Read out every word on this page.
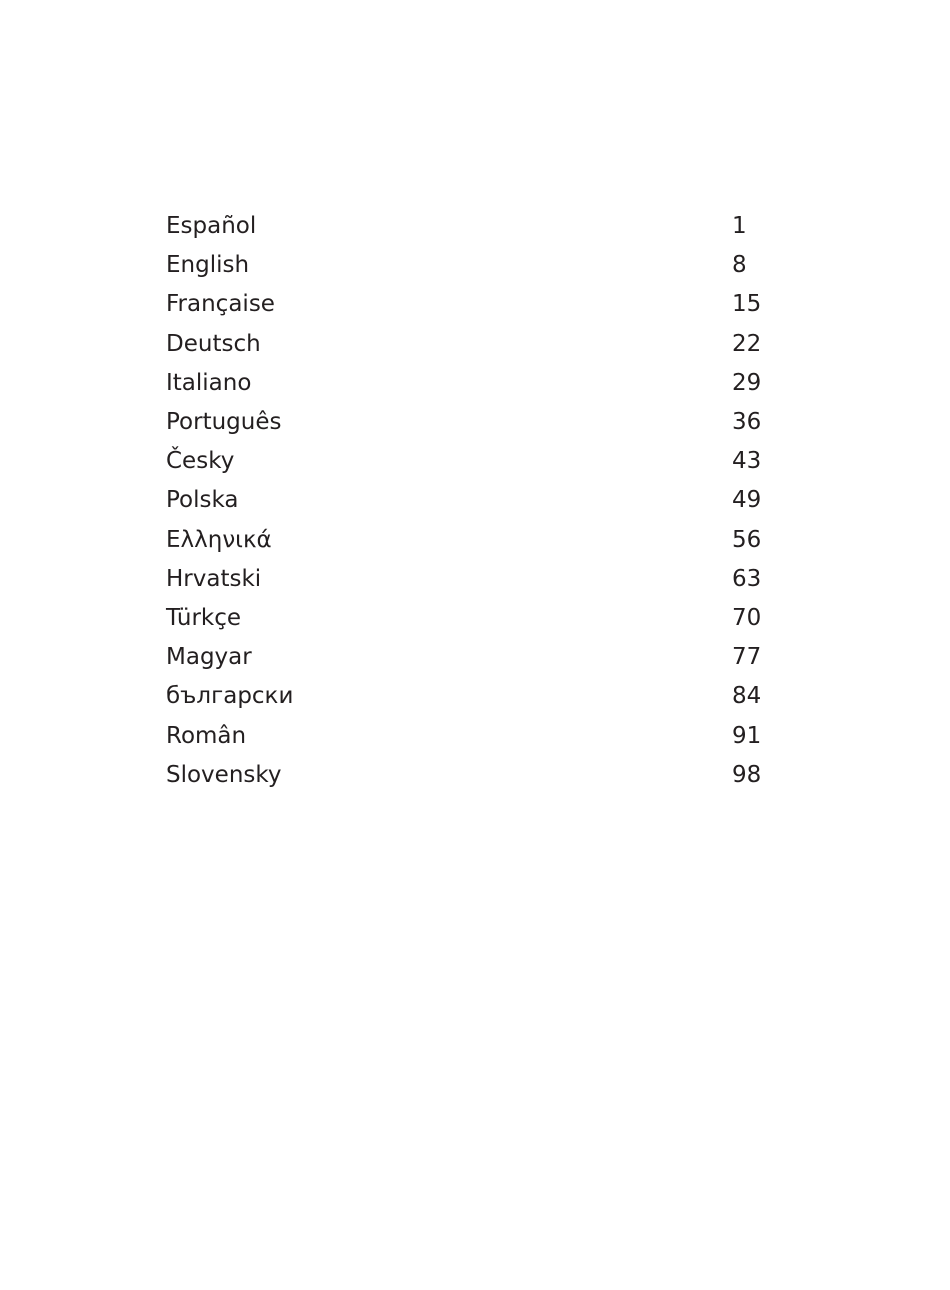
Español	1
English	8
Française	15
Deutsch	22
Italiano	29
Português	36
Česky	43
Polska	49
Ελληνικά	56
Hrvatski	63
Türkçe	70
Magyar	77
български	84
Român	91
Slovensky	98
